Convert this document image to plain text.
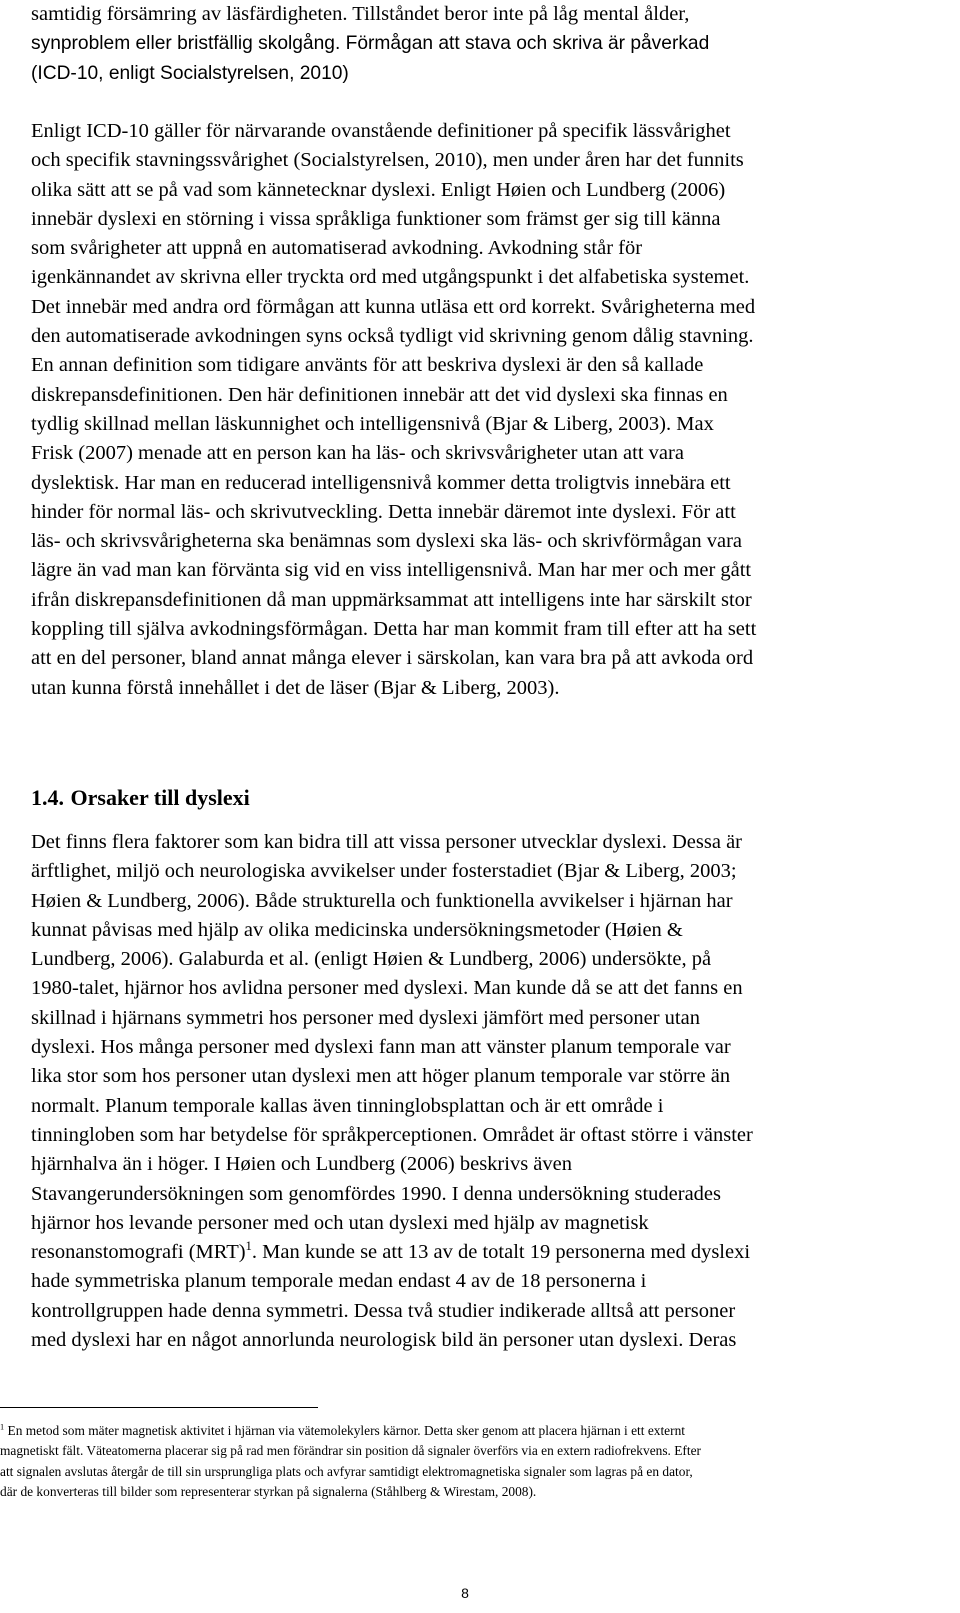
samtidig försämring av läsfärdigheten. Tillståndet beror inte på låg mental ålder,
synproblem eller bristfällig skolgång. Förmågan att stava och skriva är påverkad
(ICD-10, enligt Socialstyrelsen, 2010)
Enligt ICD-10 gäller för närvarande ovanstående definitioner på specifik lässvårighet
och specifik stavningssvårighet (Socialstyrelsen, 2010), men under åren har det funnits
olika sätt att se på vad som kännetecknar dyslexi. Enligt Høien och Lundberg (2006)
innebär dyslexi en störning i vissa språkliga funktioner som främst ger sig till känna
som svårigheter att uppnå en automatiserad avkodning. Avkodning står för
igenkännandet av skrivna eller tryckta ord med utgångspunkt i det alfabetiska systemet.
Det innebär med andra ord förmågan att kunna utläsa ett ord korrekt. Svårigheterna med
den automatiserade avkodningen syns också tydligt vid skrivning genom dålig stavning.
En annan definition som tidigare använts för att beskriva dyslexi är den så kallade
diskrepansdefinitionen. Den här definitionen innebär att det vid dyslexi ska finnas en
tydlig skillnad mellan läskunnighet och intelligensnivå (Bjar & Liberg, 2003). Max
Frisk (2007) menade att en person kan ha läs- och skrivsvårigheter utan att vara
dyslektisk. Har man en reducerad intelligensnivå kommer detta troligtvis innebära ett
hinder för normal läs- och skrivutveckling. Detta innebär däremot inte dyslexi. För att
läs- och skrivsvårigheterna ska benämnas som dyslexi ska läs- och skrivförmågan vara
lägre än vad man kan förvänta sig vid en viss intelligensnivå. Man har mer och mer gått
ifrån diskrepansdefinitionen då man uppmärksammat att intelligens inte har särskilt stor
koppling till själva avkodningsförmågan. Detta har man kommit fram till efter att ha sett
att en del personer, bland annat många elever i särskolan, kan vara bra på att avkoda ord
utan kunna förstå innehållet i det de läser (Bjar & Liberg, 2003).
1.4. Orsaker till dyslexi
Det finns flera faktorer som kan bidra till att vissa personer utvecklar dyslexi. Dessa är
ärftlighet, miljö och neurologiska avvikelser under fosterstadiet (Bjar & Liberg, 2003;
Høien & Lundberg, 2006). Både strukturella och funktionella avvikelser i hjärnan har
kunnat påvisas med hjälp av olika medicinska undersökningsmetoder (Høien &
Lundberg, 2006). Galaburda et al. (enligt Høien & Lundberg, 2006) undersökte, på
1980-talet, hjärnor hos avlidna personer med dyslexi. Man kunde då se att det fanns en
skillnad i hjärnans symmetri hos personer med dyslexi jämfört med personer utan
dyslexi. Hos många personer med dyslexi fann man att vänster planum temporale var
lika stor som hos personer utan dyslexi men att höger planum temporale var större än
normalt. Planum temporale kallas även tinninglobsplattan och är ett område i
tinningloben som har betydelse för språkperceptionen. Området är oftast större i vänster
hjärnhalva än i höger. I Høien och Lundberg (2006) beskrivs även
Stavangerundersökningen som genomfördes 1990. I denna undersökning studerades
hjärnor hos levande personer med och utan dyslexi med hjälp av magnetisk
resonanstomografi (MRT)$^1$. Man kunde se att 13 av de totalt 19 personerna med dyslexi
hade symmetriska planum temporale medan endast 4 av de 18 personerna i
kontrollgruppen hade denna symmetri. Dessa två studier indikerade alltså att personer
med dyslexi har en något annorlunda neurologisk bild än personer utan dyslexi. Deras
$^1$ En metod som mäter magnetisk aktivitet i hjärnan via vätemolekylers kärnor. Detta sker genom att placera hjärnan i ett externt
magnetiskt fält. Väteatomerna placerar sig på rad men förändrar sin position då signaler överförs via en extern radiofrekvens. Efter
att signalen avslutas återgår de till sin ursprungliga plats och avfyrar samtidigt elektromagnetiska signaler som lagras på en dator,
där de konverteras till bilder som representerar styrkan på signalerna (Ståhlberg & Wirestam, 2008).
8
